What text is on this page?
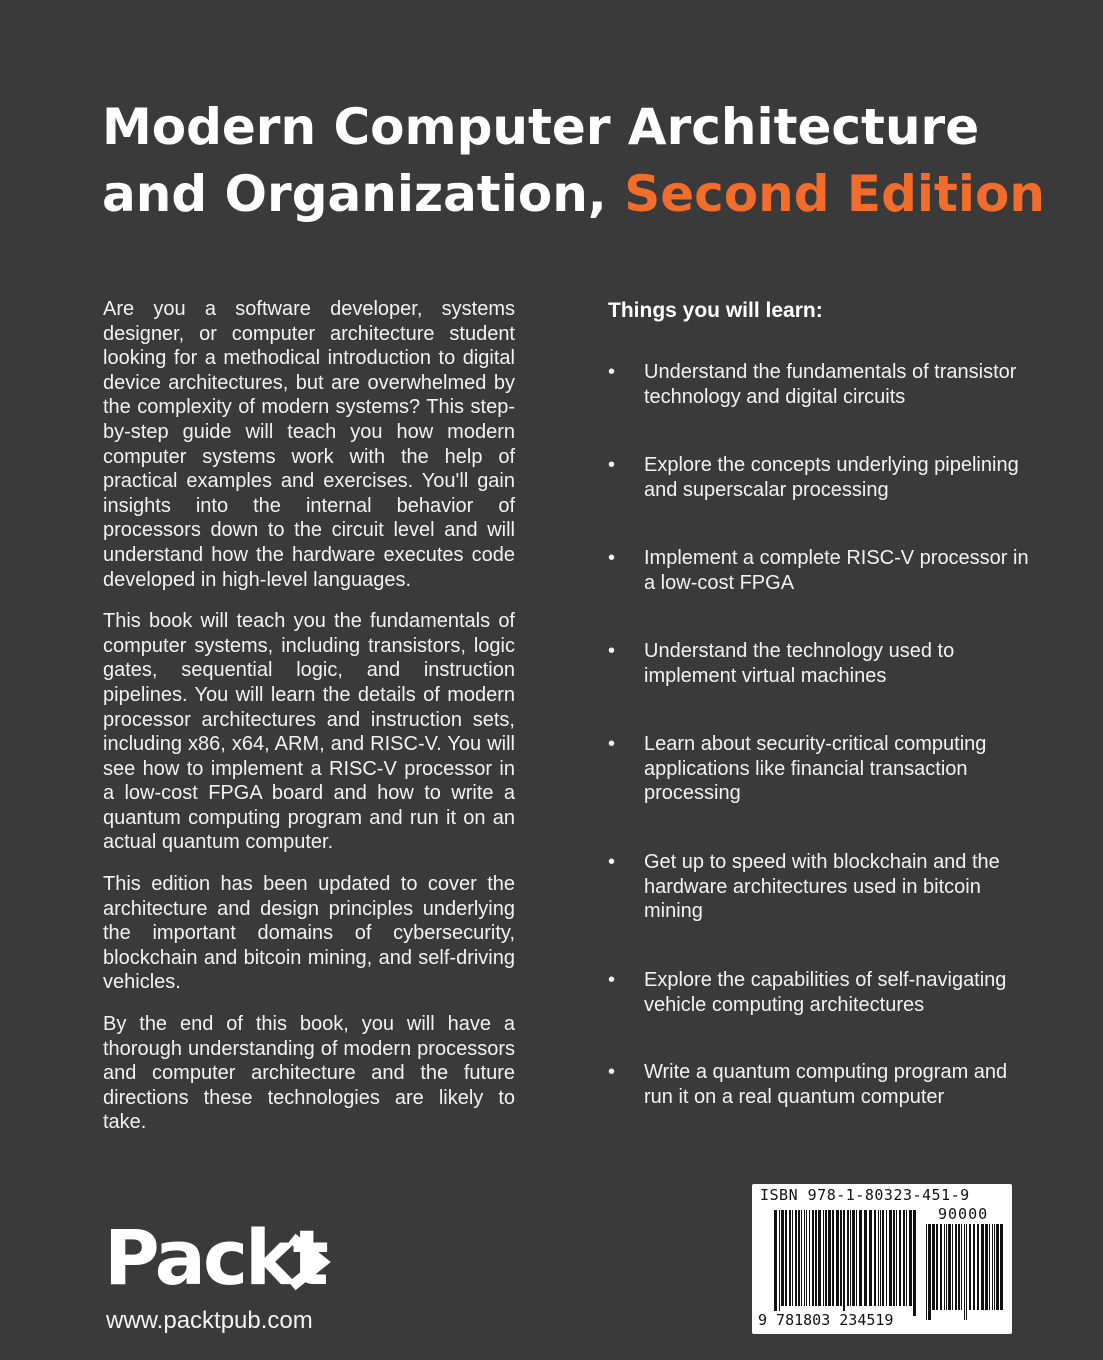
Modern Computer Architecture
and Organization, Second Edition

Are you a software developer, systems designer, or computer architecture student looking for a methodical introduction to digital device architectures, but are overwhelmed by the complexity of modern systems? This step-by-step guide will teach you how modern computer systems work with the help of practical examples and exercises. You'll gain insights into the internal behavior of processors down to the circuit level and will understand how the hardware executes code developed in high-level languages.

This book will teach you the fundamentals of computer systems, including transistors, logic gates, sequential logic, and instruction pipelines. You will learn the details of modern processor architectures and instruction sets, including x86, x64, ARM, and RISC-V. You will see how to implement a RISC-V processor in a low-cost FPGA board and how to write a quantum computing program and run it on an actual quantum computer.

This edition has been updated to cover the architecture and design principles underlying the important domains of cybersecurity, blockchain and bitcoin mining, and self-driving vehicles.

By the end of this book, you will have a thorough understanding of modern processors and computer architecture and the future directions these technologies are likely to take.

Things you will learn:
• Understand the fundamentals of transistor technology and digital circuits
• Explore the concepts underlying pipelining and superscalar processing
• Implement a complete RISC-V processor in a low-cost FPGA
• Understand the technology used to implement virtual machines
• Learn about security-critical computing applications like financial transaction processing
• Get up to speed with blockchain and the hardware architectures used in bitcoin mining
• Explore the capabilities of self-navigating vehicle computing architectures
• Write a quantum computing program and run it on a real quantum computer
Packt
www.packtpub.com
ISBN 978-1-80323-451-9
90000
9 781803 234519
